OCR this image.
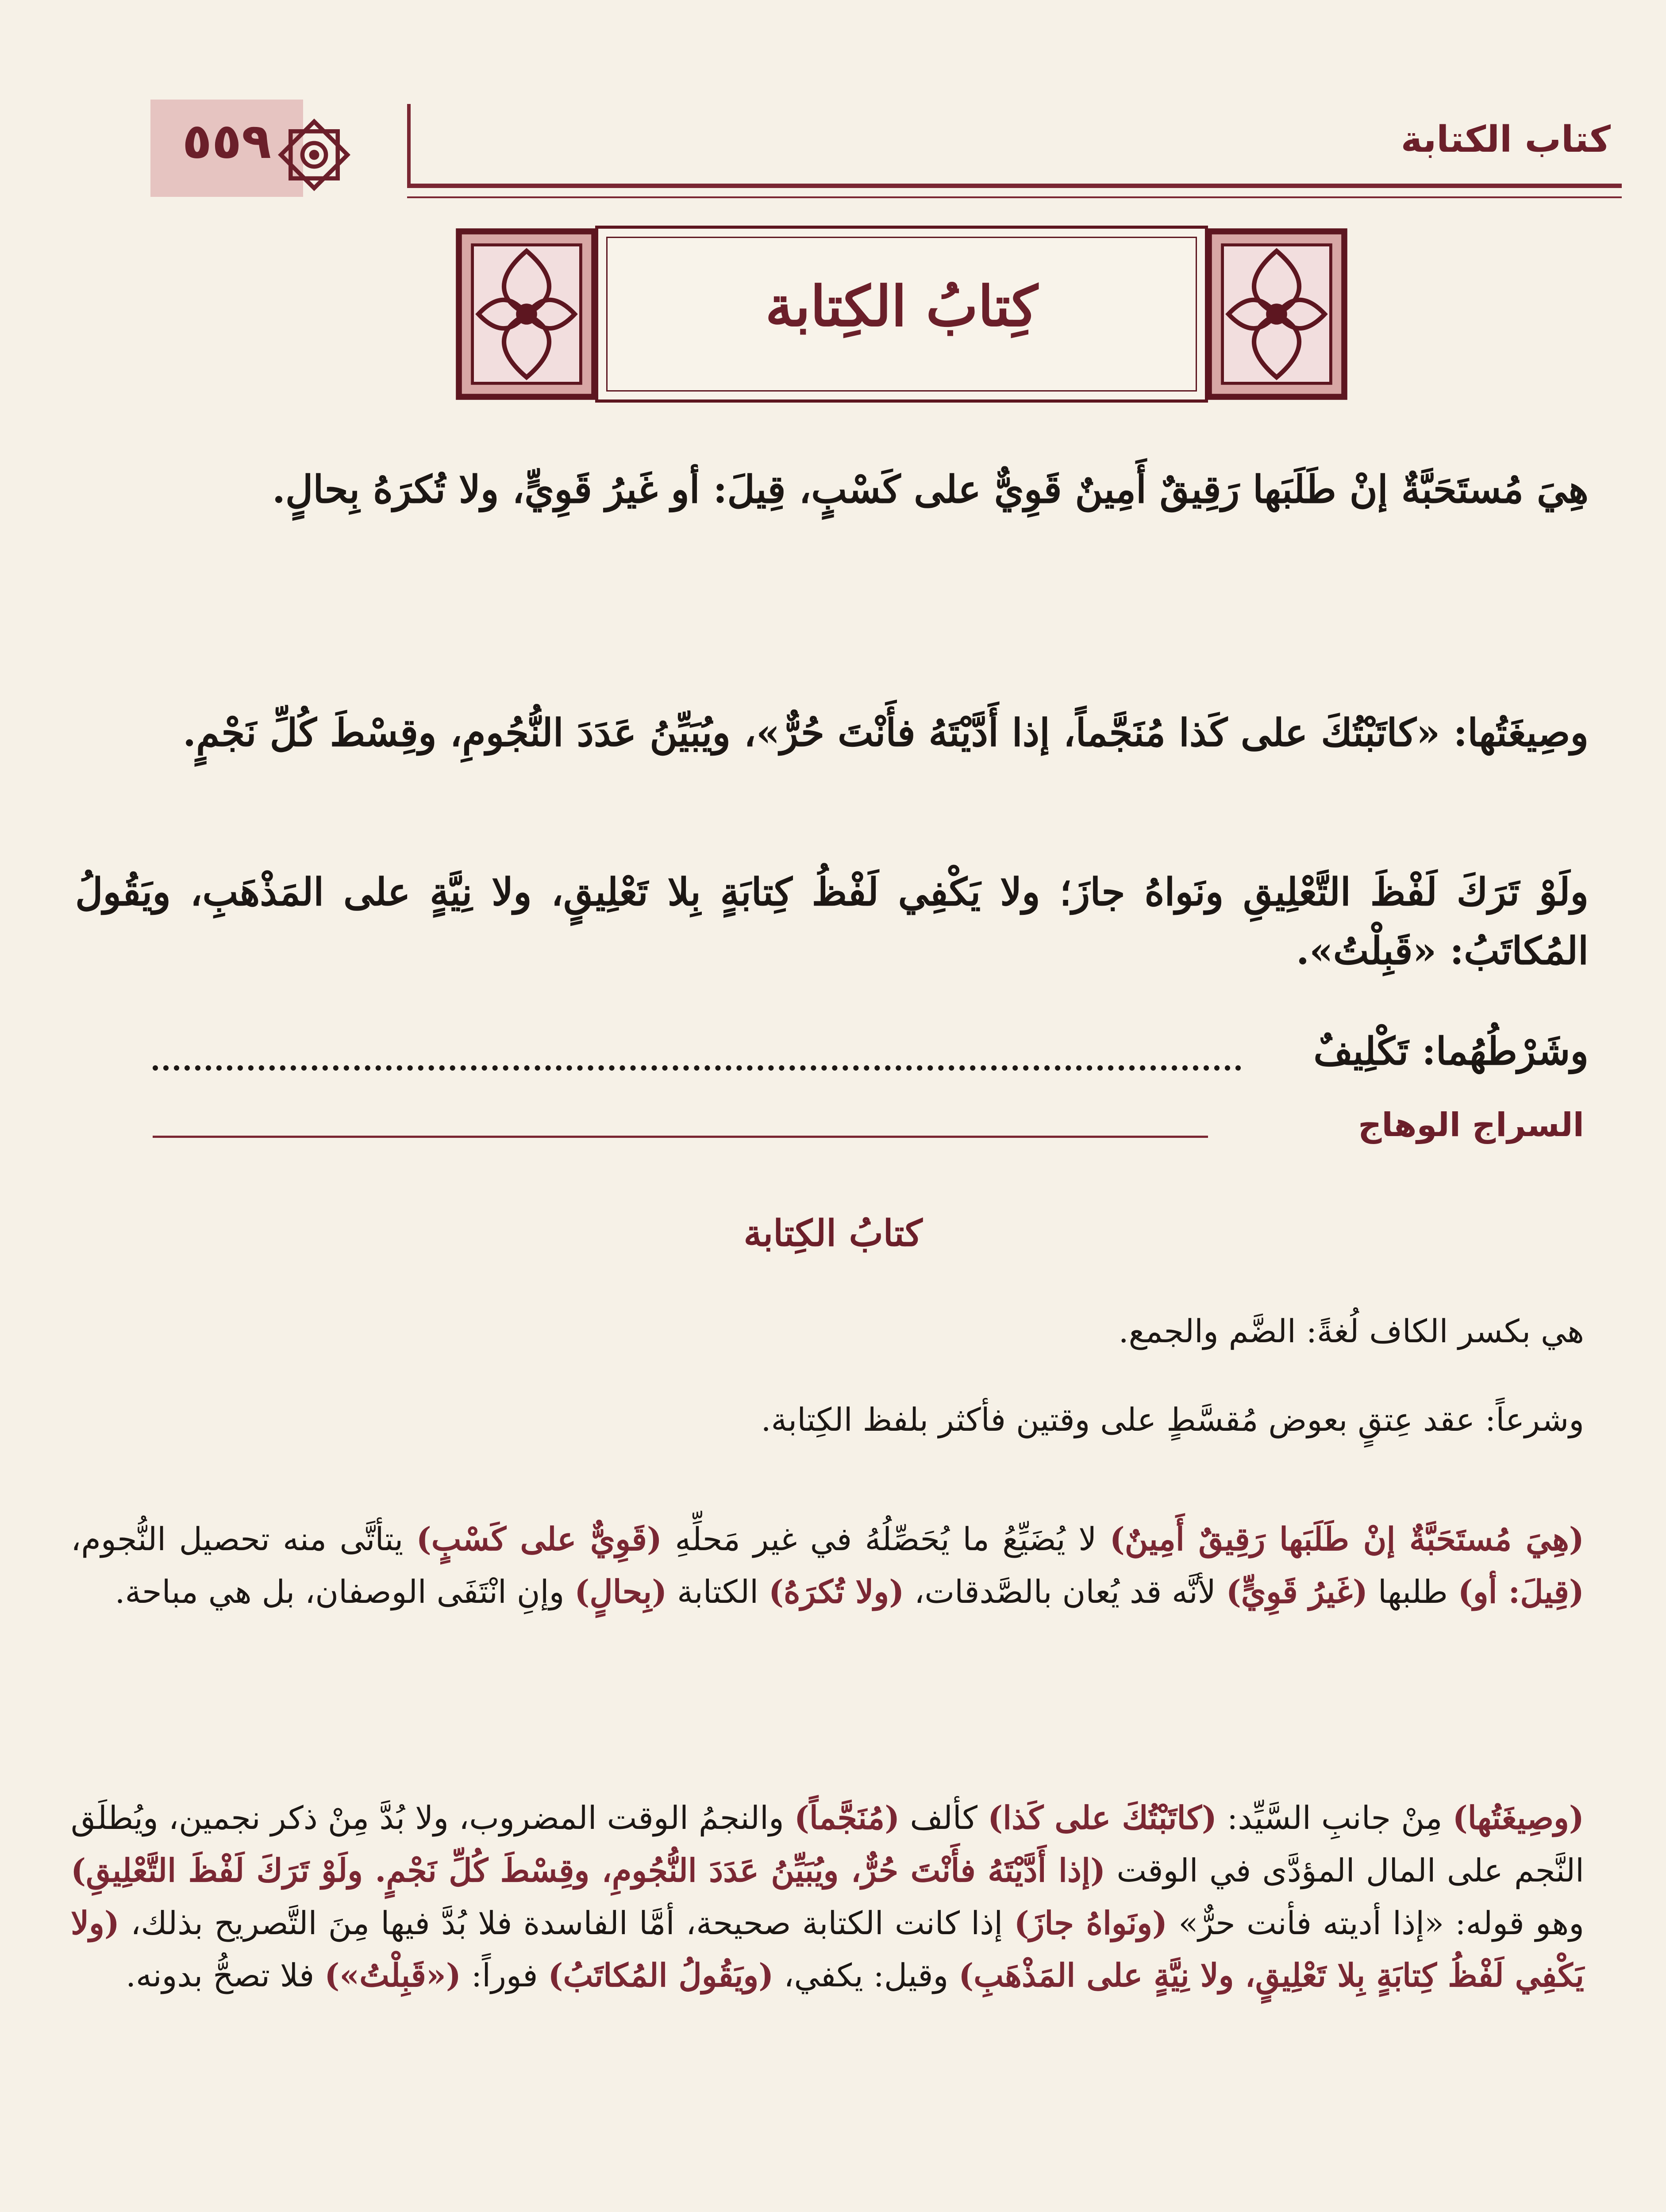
كتاب الكتابة

٥٥٩

كِتابُ الكِتابة

هِيَ مُستَحَبَّةٌ إنْ طَلَبَها رَقِيقٌ أَمِينٌ قَوِيٌّ على كَسْبٍ، قِيلَ: أو غَيرُ قَوِيٍّ، ولا تُكرَهُ بِحالٍ.

وصِيغَتُها: «كاتَبْتُكَ على كَذا مُنَجَّماً، إذا أَدَّيْتَهُ فأَنْتَ حُرٌّ»، ويُبَيِّنُ عَدَدَ النُّجُومِ، وقِسْطَ كُلِّ نَجْمٍ.

ولَوْ تَرَكَ لَفْظَ التَّعْلِيقِ ونَواهُ جازَ؛ ولا يَكْفِي لَفْظُ كِتابَةٍ بِلا تَعْلِيقٍ، ولا نِيَّةٍ على المَذْهَبِ، ويَقُولُ المُكاتَبُ: «قَبِلْتُ».

وشَرْطُهُما: تَكْلِيفٌ

السراج الوهاج

كتابُ الكِتابة

هي بكسر الكاف لُغةً: الضَّم والجمع.

وشرعاً: عقد عِتقٍ بعوض مُقسَّطٍ على وقتين فأكثر بلفظ الكِتابة.

(هِيَ مُستَحَبَّةٌ إنْ طَلَبَها رَقِيقٌ أَمِينٌ) لا يُضَيِّعُ ما يُحَصِّلُهُ في غير مَحلِّهِ (قَوِيٌّ على كَسْبٍ) يتأتَّى منه تحصيل النُّجوم، (قِيلَ: أو) طلبها (غَيرُ قَوِيٍّ) لأنَّه قد يُعان بالصَّدقات، (ولا تُكرَهُ) الكتابة (بِحالٍ) وإنِ انْتَفَى الوصفان، بل هي مباحة.

(وصِيغَتُها) مِنْ جانبِ السَّيِّد: (كاتَبْتُكَ على كَذا) كألف (مُنَجَّماً) والنجمُ الوقت المضروب، ولا بُدَّ مِنْ ذكر نجمين، ويُطلَق النَّجم على المال المؤدَّى في الوقت (إذا أَدَّيْتَهُ فأَنْتَ حُرٌّ، ويُبَيِّنُ عَدَدَ النُّجُومِ، وقِسْطَ كُلِّ نَجْمٍ. ولَوْ تَرَكَ لَفْظَ التَّعْلِيقِ) وهو قوله: «إذا أديته فأنت حرٌّ» (ونَواهُ جازَ) إذا كانت الكتابة صحيحة، أمَّا الفاسدة فلا بُدَّ فيها مِنَ التَّصريح بذلك، (ولا يَكْفِي لَفْظُ كِتابَةٍ بِلا تَعْلِيقٍ، ولا نِيَّةٍ على المَذْهَبِ) وقيل: يكفي، (ويَقُولُ المُكاتَبُ) فوراً: («قَبِلْتُ») فلا تصحُّ بدونه.
